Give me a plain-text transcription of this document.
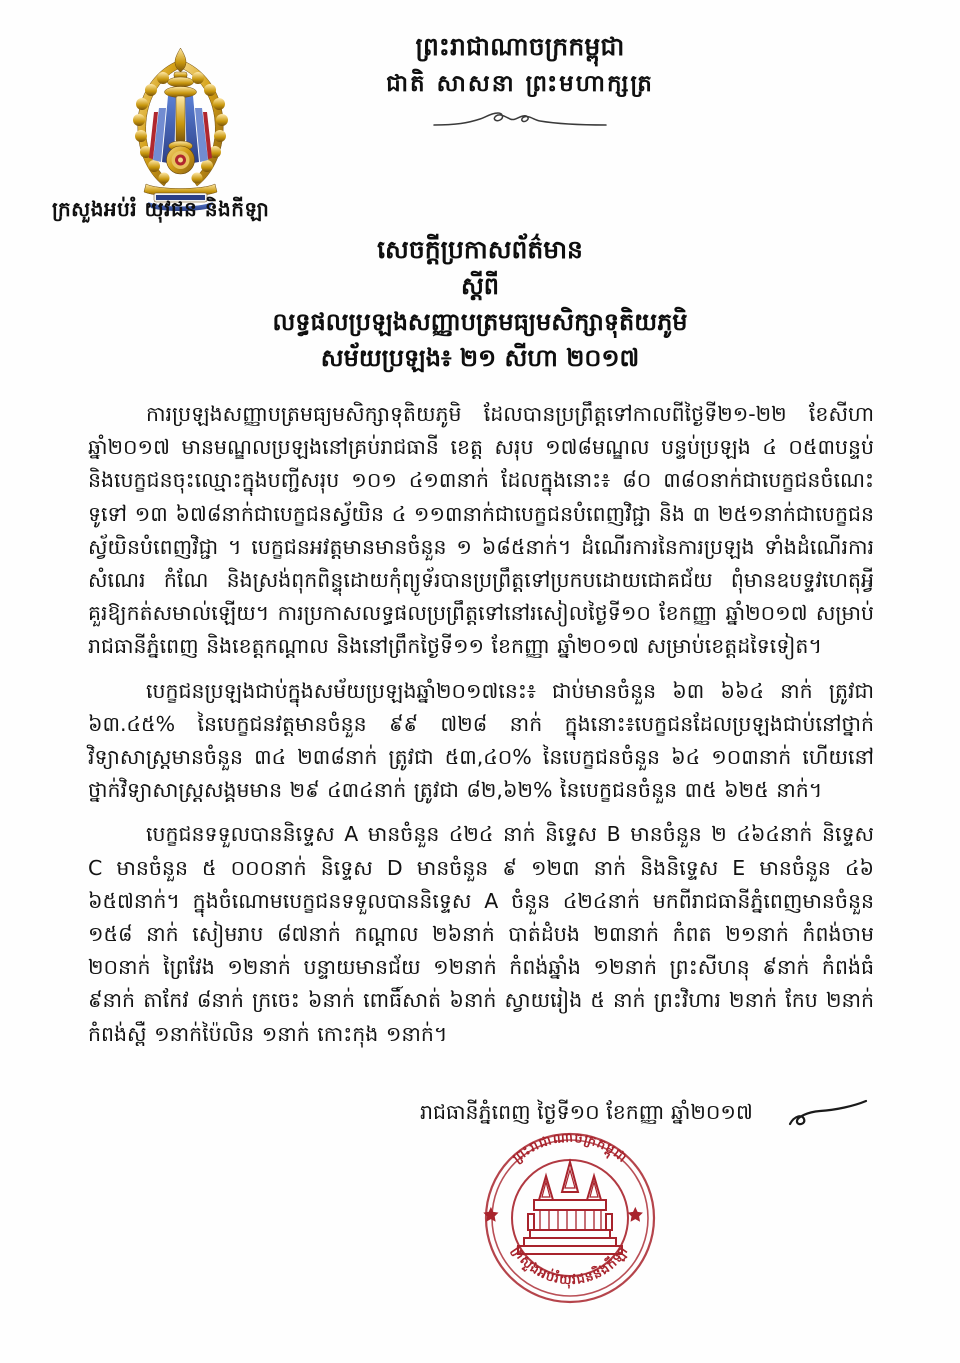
ព្រះរាជាណាចក្រកម្ពុជា
ជាតិ សាសនា ព្រះមហាក្សត្រ
ក្រសួងអប់រំ យុវជន និងកីឡា
សេចក្តីប្រកាសព័ត៌មាន
ស្តីពី
លទ្ធផលប្រឡងសញ្ញាបត្រមធ្យមសិក្សាទុតិយភូមិ
សម័យប្រឡង៖ ២១ សីហា ២០១៧

ការប្រឡងសញ្ញាបត្រមធ្យមសិក្សាទុតិយភូមិ ដែលបានប្រព្រឹត្តទៅកាលពីថ្ងៃទី២១-២២ ខែសីហា ឆ្នាំ២០១៧ មានមណ្ឌលប្រឡងនៅគ្រប់រាជធានី ខេត្ត សរុប ១៧៨មណ្ឌល បន្ទប់ប្រឡង ៤ ០៥៣បន្ទប់ និងបេក្ខជនចុះឈ្មោះក្នុងបញ្ជីសរុប ១០១ ៤១៣នាក់ ដែលក្នុងនោះ៖ ៨០ ៣៨០នាក់ជាបេក្ខជនចំណេះទូទៅ ១៣ ៦៧៨នាក់ជាបេក្ខជនស្វ័យិន ៤ ១១៣នាក់ជាបេក្ខជនបំពេញវិជ្ជា និង ៣ ២៥១នាក់ជាបេក្ខជនស្វ័យិនបំពេញវិជ្ជា ។ បេក្ខជនអវត្តមានមានចំនួន ១ ៦៨៥នាក់។ ដំណើរការនៃការប្រឡង ទាំងដំណើរការសំណេរ កំណែ និងស្រង់ពុកពិន្ទុដោយកុំព្យូទ័របានប្រព្រឹត្តទៅប្រកបដោយជោគជ័យ ពុំមានឧបទ្ទវហេតុអ្វីគួរឱ្យកត់សមាល់ឡើយ។ ការប្រកាសលទ្ធផលប្រព្រឹត្តទៅនៅរសៀលថ្ងៃទី១០ ខែកញ្ញា ឆ្នាំ២០១៧ សម្រាប់រាជធានីភ្នំពេញ និងខេត្តកណ្ដាល និងនៅព្រឹកថ្ងៃទី១១ ខែកញ្ញា ឆ្នាំ២០១៧ សម្រាប់ខេត្តដទៃទៀត។

បេក្ខជនប្រឡងជាប់ក្នុងសម័យប្រឡងឆ្នាំ២០១៧នេះ៖ ជាប់មានចំនួន ៦៣ ៦៦៤ នាក់ ត្រូវជា ៦៣.៤៥% នៃបេក្ខជនវត្តមានចំនួន ៩៩ ៧២៨ នាក់ ក្នុងនោះ៖បេក្ខជនដែលប្រឡងជាប់នៅថ្នាក់វិទ្យាសាស្ត្រមានចំនួន ៣៤ ២៣៨នាក់ ត្រូវជា ៥៣,៤០% នៃបេក្ខជនចំនួន ៦៤ ១០៣នាក់ ហើយនៅថ្នាក់វិទ្យាសាស្ត្រសង្គមមាន ២៩ ៤៣៤នាក់ ត្រូវជា ៨២,៦២% នៃបេក្ខជនចំនួន ៣៥ ៦២៥ នាក់។

បេក្ខជនទទួលបាននិទ្ទេស A មានចំនួន ៤២៤ នាក់ និទ្ទេស B មានចំនួន ២ ៤៦៤នាក់ និទ្ទេស C មានចំនួន ៥ ០០០នាក់ និទ្ទេស D មានចំនួន ៩ ១២៣ នាក់ និងនិទ្ទេស E មានចំនួន ៤៦ ៦៥៧នាក់។ ក្នុងចំណោមបេក្ខជនទទួលបាននិទ្ទេស A ចំនួន ៤២៤នាក់ មកពីរាជធានីភ្នំពេញមានចំនួន ១៥៨ នាក់ សៀមរាប ៨៧នាក់ កណ្ដាល ២៦នាក់ បាត់ដំបង ២៣នាក់ កំពត ២១នាក់ កំពង់ចាម ២០នាក់ ព្រៃវែង ១២នាក់ បន្ទាយមានជ័យ ១២នាក់ កំពង់ឆ្នាំង ១២នាក់ ព្រះសីហនុ ៩នាក់ កំពង់ធំ ៩នាក់ តាកែវ ៨នាក់ ក្រចេះ ៦នាក់ ពោធិ៍សាត់ ៦នាក់ ស្វាយរៀង ៥ នាក់ ព្រះវិហារ ២នាក់ កែប ២នាក់ កំពង់ស្ពឺ ១នាក់ប៉ៃលិន ១នាក់ កោះកុង ១នាក់។

រាជធានីភ្នំពេញ ថ្ងៃទី១០ ខែកញ្ញា ឆ្នាំ២០១៧
ព្រះរាជាណាចក្រកម្ពុជា
ក្រសួងអប់រំយុវជននិងកីឡា
